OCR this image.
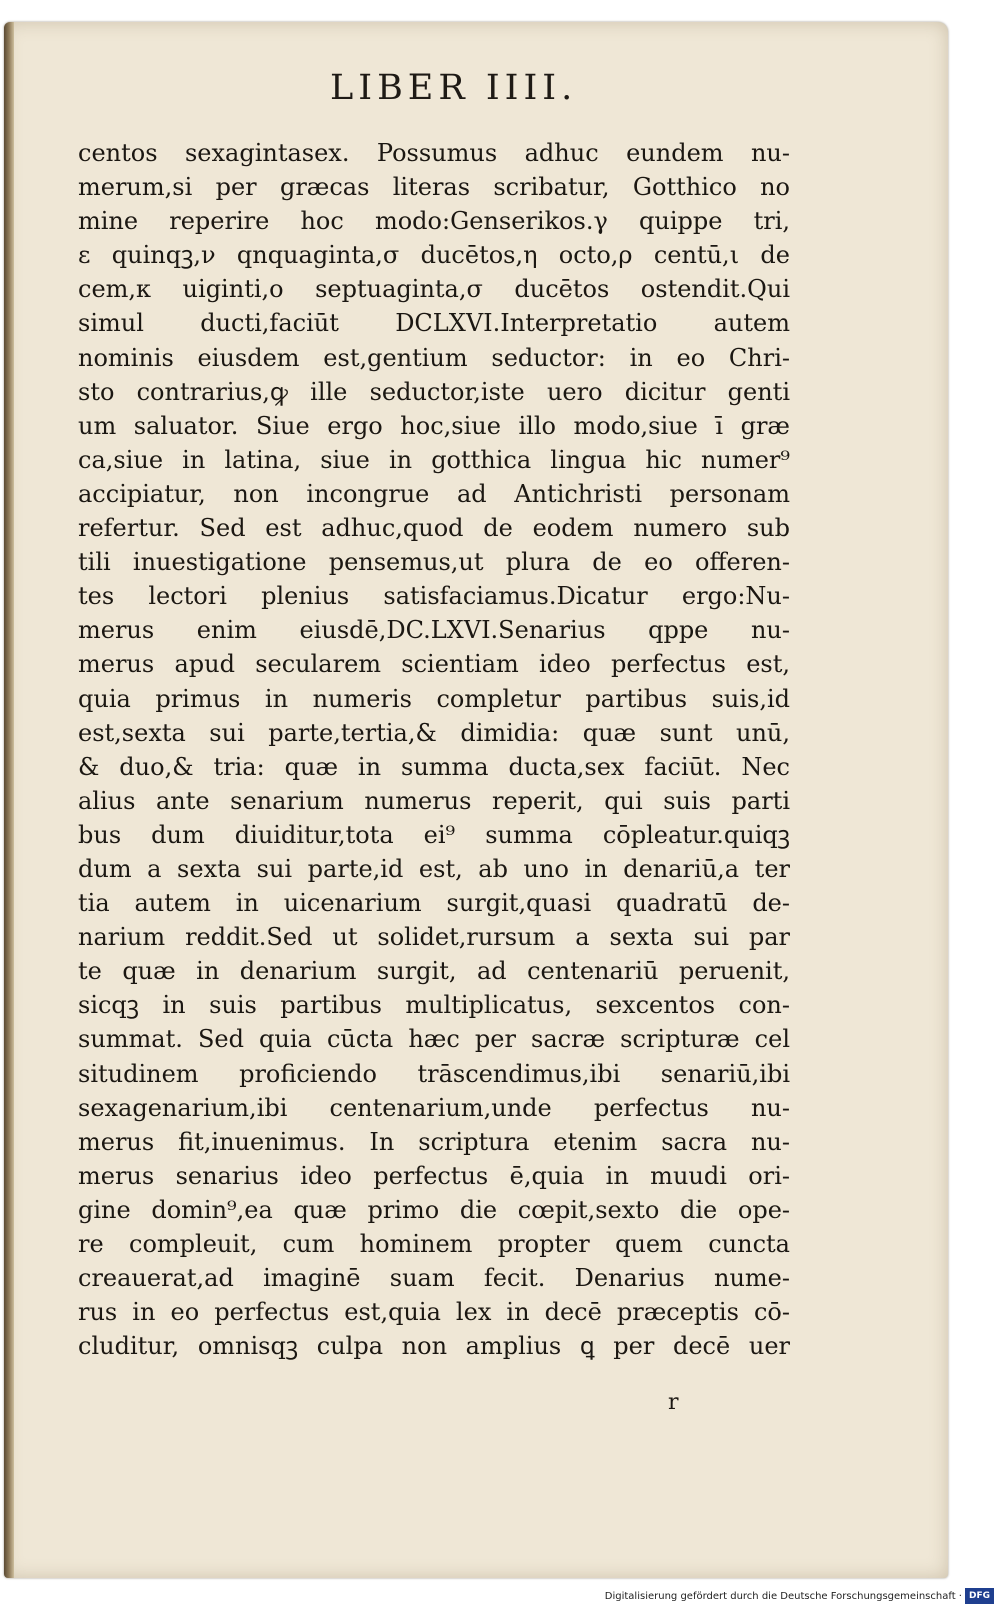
LIBER IIII.
centos sexagintasex. Possumus adhuc eundem nu-
merum,si per græcas literas scribatur, Gotthico no
mine reperire hoc modo:Genserikos.γ quippe tri,
ε quinqꝫ,ν qnquaginta,σ ducētos,η octo,ρ centū,ι de
cem,κ uiginti,ο septuaginta,σ ducētos ostendit.Qui
simul ducti,faciūt DCLXVI.Interpretatio autem
nominis eiusdem est,gentium seductor: in eo Chri-
sto contrarius,ꝙ ille seductor,iste uero dicitur genti
um saluator. Siue ergo hoc,siue illo modo,siue ī græ
ca,siue in latina, siue in gotthica lingua hic numer⁹
accipiatur, non incongrue ad Antichristi personam
refertur. Sed est adhuc,quod de eodem numero sub
tili inuestigatione pensemus,ut plura de eo offeren-
tes lectori plenius satisfaciamus.Dicatur ergo:Nu-
merus enim eiusdē,DC.LXVI.Senarius qppe nu-
merus apud secularem scientiam ideo perfectus est,
quia primus in numeris completur partibus suis,id
est,sexta sui parte,tertia,& dimidia: quæ sunt unū,
& duo,& tria: quæ in summa ducta,sex faciūt. Nec
alius ante senarium numerus reperit, qui suis parti
bus dum diuiditur,tota ei⁹ summa cōpleatur.quiqꝫ
dum a sexta sui parte,id est, ab uno in denariū,a ter
tia autem in uicenarium surgit,quasi quadratū de-
narium reddit.Sed ut solidet,rursum a sexta sui par
te quæ in denarium surgit, ad centenariū peruenit,
sicqꝫ in suis partibus multiplicatus, sexcentos con-
summat. Sed quia cūcta hæc per sacræ scripturæ cel
situdinem proficiendo trāscendimus,ibi senariū,ibi
sexagenarium,ibi centenarium,unde perfectus nu-
merus fit,inuenimus. In scriptura etenim sacra nu-
merus senarius ideo perfectus ē,quia in muudi ori-
gine domin⁹,ea quæ primo die cœpit,sexto die ope-
re compleuit, cum hominem propter quem cuncta
creauerat,ad imaginē suam fecit. Denarius nume-
rus in eo perfectus est,quia lex in decē præceptis cō-
cluditur, omnisqꝫ culpa non amplius ꝗ per decē uer
r
Digitalisierung gefördert durch die Deutsche Forschungsgemeinschaft · DFG
